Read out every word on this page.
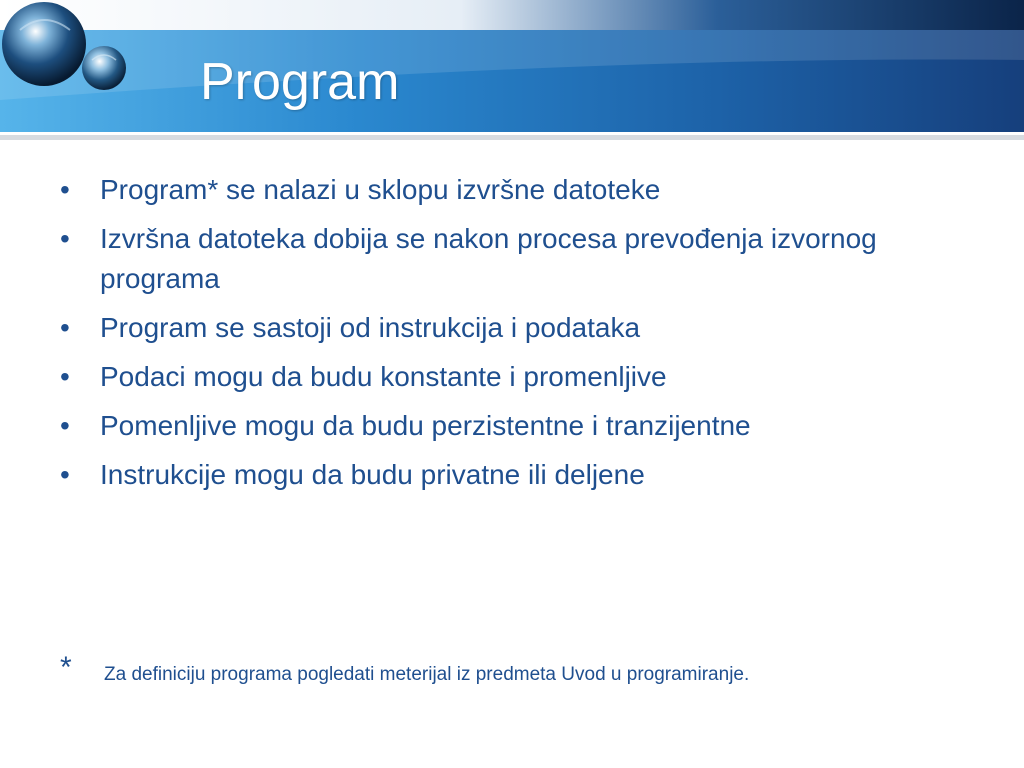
Program
•	Program* se nalazi u sklopu izvršne datoteke
•	Izvršna datoteka dobija se nakon procesa prevođenja izvornog programa
•	Program se sastoji od instrukcija i podataka
•	Podaci mogu da budu konstante i promenljive
•	Pomenljive mogu da budu perzistentne i tranzijentne
•	Instrukcije mogu da budu privatne ili deljene
* Za definiciju programa pogledati meterijal iz predmeta Uvod u programiranje.
